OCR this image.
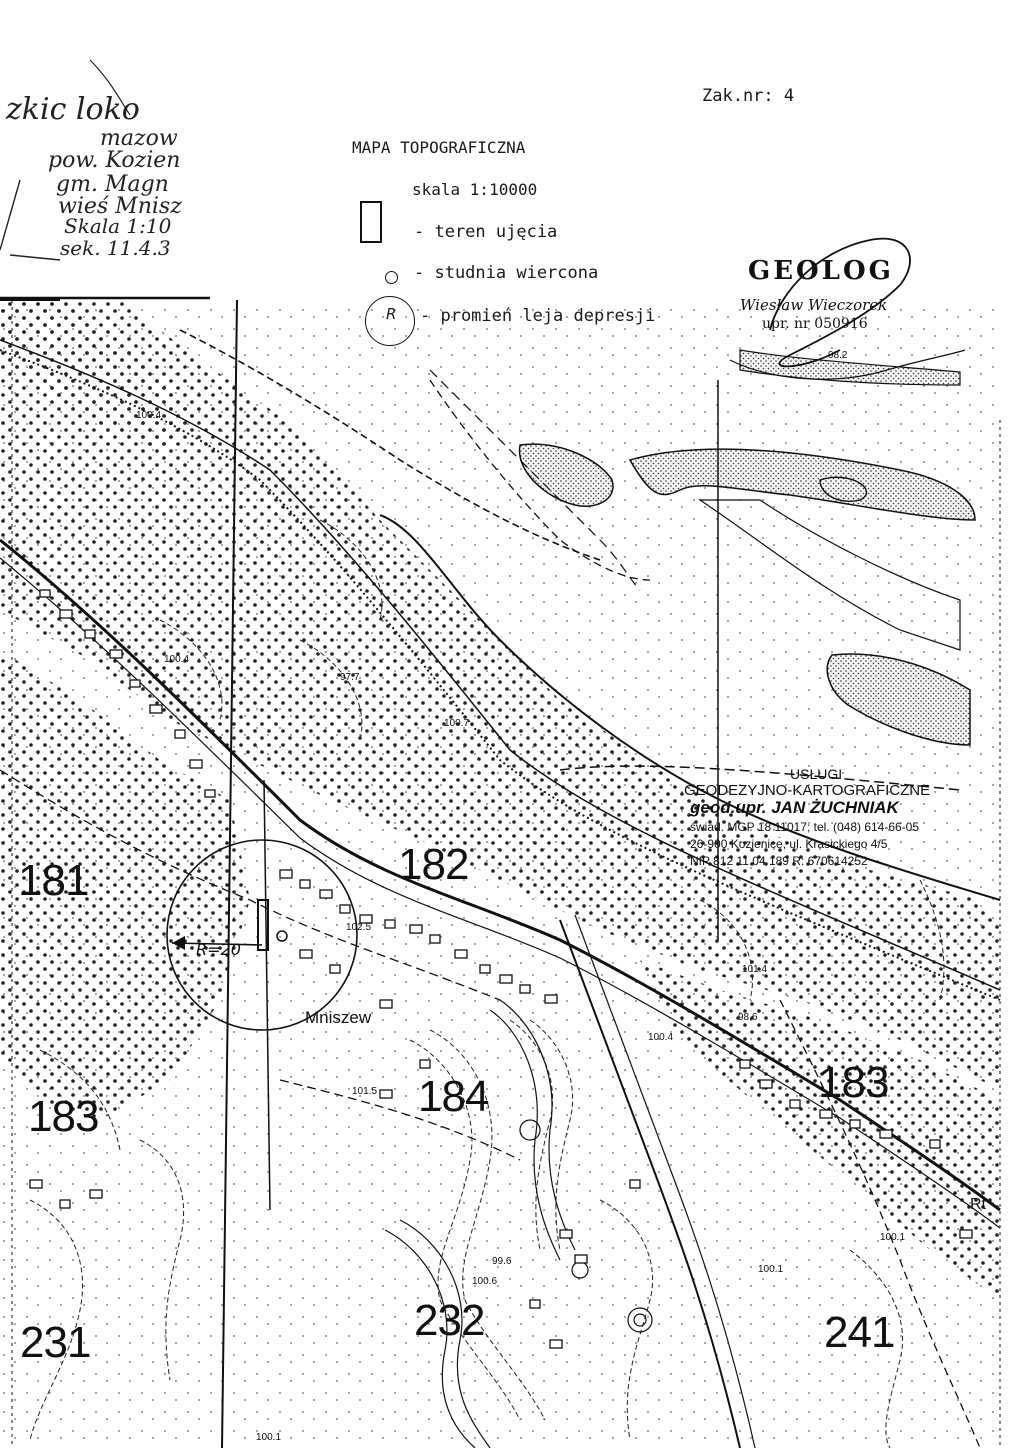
Zak.nr: 4
zkic loko
mazow
pow. Kozien
gm. Magn
wieś Mnisz
Skala 1:10
sek. 11.4.3
MAPA TOPOGRAFICZNA
skala 1:10000
- teren ujęcia
- studnia wiercona
R - promień leja depresji
GEOLOG
Wiesław Wieczorek
upr. nr 050916
USŁUGI
GEODEZYJNO-KARTOGRAFICZNE
geod.upr. JAN ŻUCHNIAK
świad. MGP 18 11017; tel. (048) 614-66-05
26-900 Kozienice, ul. Krasickiego 4/5
NIP 812 11 04 189 R: 670614252
Mniszew
R=20
181	182
183
183
184
231	232	241
98.2
100.4
100.4
97.7
100.7
102.5
101.4
98.6
100.4
101.5
100.1
100.6
99.6
100.1
100.1
Rt
